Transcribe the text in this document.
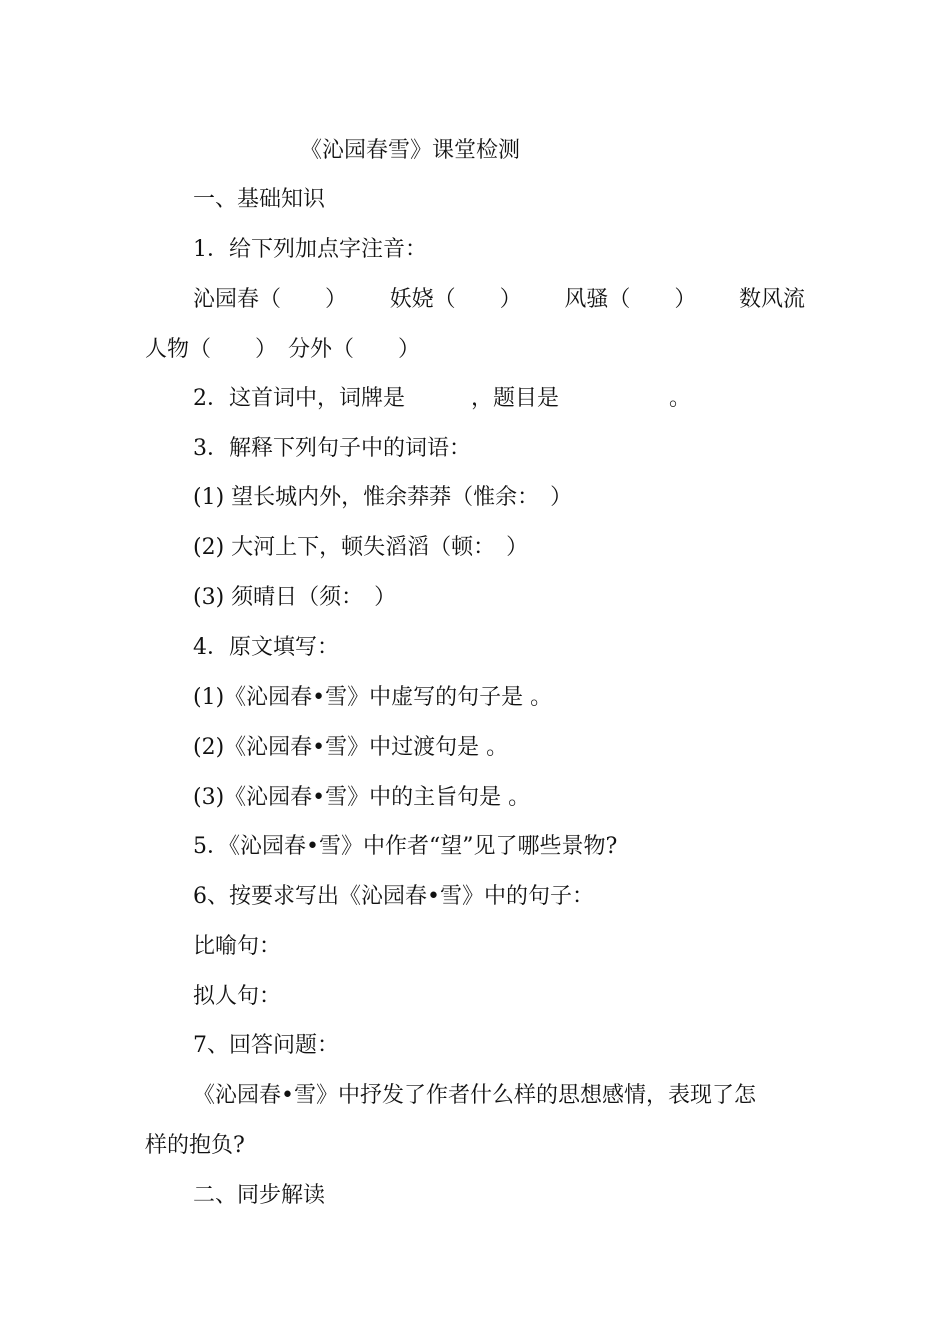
《沁园春雪》课堂检测
一、基础知识
1．给下列加点字注音：
沁园春（　　） 妖娆（　　） 风骚（　　） 数风流
人物（　　）　分外（　　）
2．这首词中，词牌是　　　，题目是　　　　　。
3．解释下列句子中的词语：
(1) 望长城内外，惟余莽莽（惟余：　）
(2) 大河上下，顿失滔滔（顿：　）
(3) 须晴日（须：　）
4．原文填写：
(1)《沁园春•雪》中虚写的句子是 。
(2)《沁园春•雪》中过渡句是 。
(3)《沁园春•雪》中的主旨句是 。
5．《沁园春•雪》中作者“望”见了哪些景物?
6、按要求写出《沁园春•雪》中的句子：
比喻句：
拟人句：
7、回答问题：
《沁园春•雪》中抒发了作者什么样的思想感情，表现了怎
样的抱负?
二、同步解读
